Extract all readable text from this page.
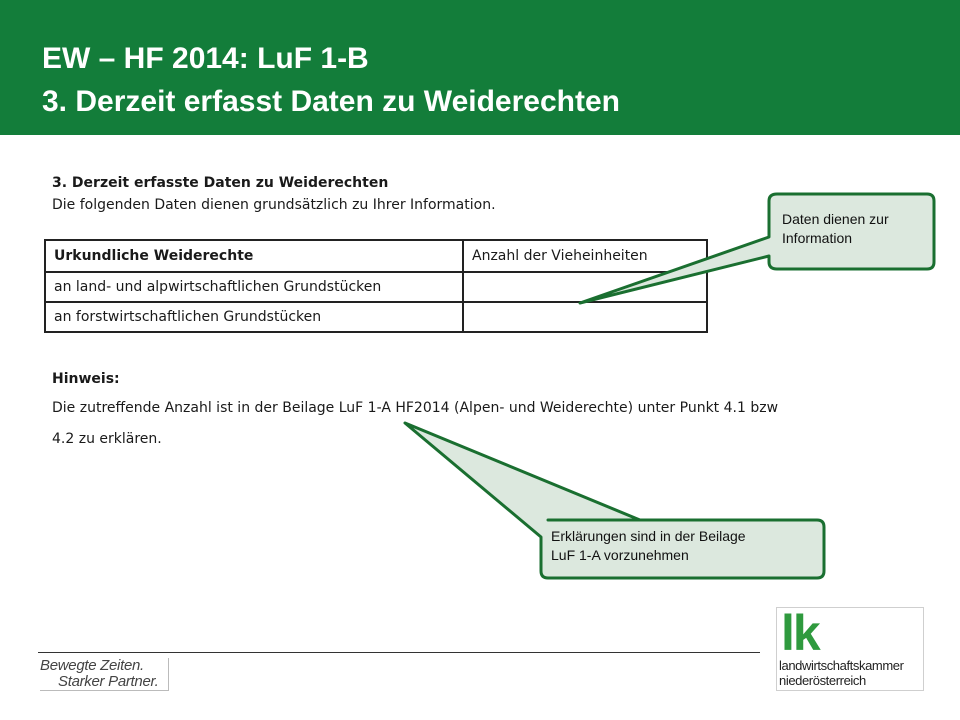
EW – HF 2014: LuF 1-B
3. Derzeit erfasst Daten zu Weiderechten
3. Derzeit erfasste Daten zu Weiderechten
Die folgenden Daten dienen grundsätzlich zu Ihrer Information.
Urkundliche Weiderechte	Anzahl der Vieheinheiten
an land- und alpwirtschaftlichen Grundstücken	
an forstwirtschaftlichen Grundstücken	
Hinweis:
Die zutreffende Anzahl ist in der Beilage LuF 1-A HF2014 (Alpen- und Weiderechte) unter Punkt 4.1 bzw
4.2 zu erklären.
Daten dienen zur
Information
Erklärungen sind in der Beilage
LuF 1-A vorzunehmen
Bewegte Zeiten.
Starker Partner.
lk
landwirtschaftskammer
niederösterreich
